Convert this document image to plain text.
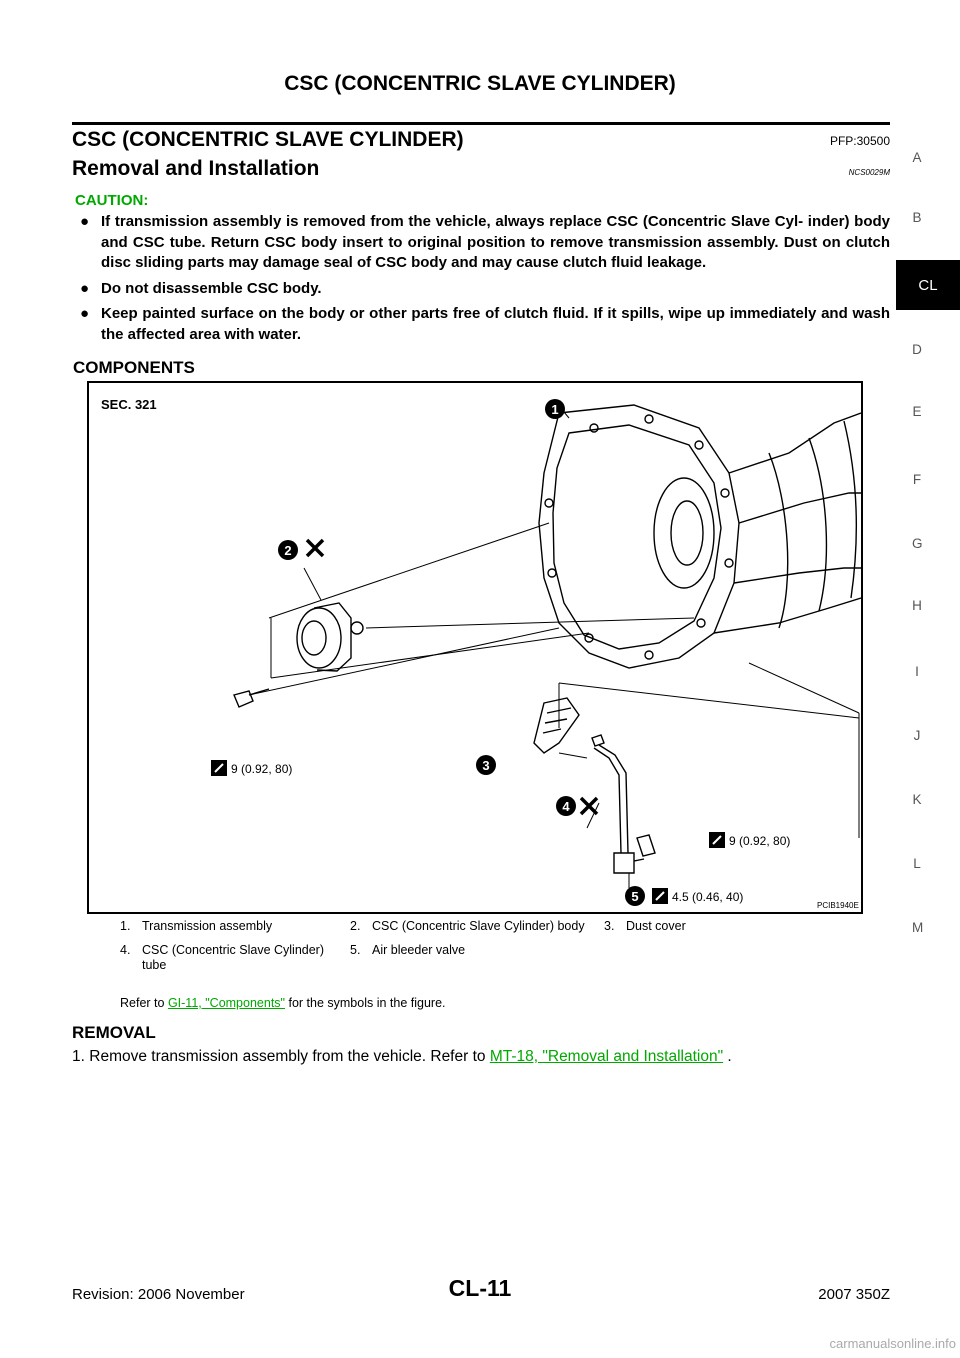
CSC (CONCENTRIC SLAVE CYLINDER)
CSC (CONCENTRIC SLAVE CYLINDER)	PFP:30500
Removal and Installation	NCS0029M
CAUTION:
● If transmission assembly is removed from the vehicle, always replace CSC (Concentric Slave Cyl- inder) body and CSC tube. Return CSC body insert to original position to remove transmission assembly. Dust on clutch disc sliding parts may damage seal of CSC body and may cause clutch fluid leakage.
● Do not disassemble CSC body.
● Keep painted surface on the body or other parts free of clutch fluid. If it spills, wipe up immediately and wash the affected area with water.
COMPONENTS
SEC. 321	1
2
3
4
5
9 (0.92, 80)
9 (0.92, 80)
4.5 (0.46, 40)
PCIB1940E
1.	Transmission assembly	2.	CSC (Concentric Slave Cylinder) body	3.	Dust cover
4.	CSC (Concentric Slave Cylinder) tube	5.	Air bleeder valve		
Refer to GI-11, "Components" for the symbols in the figure.
REMOVAL
1. Remove transmission assembly from the vehicle. Refer to MT-18, "Removal and Installation" .
A
B
CL
D
E
F
G
H
I
J
K
L
M
Revision: 2006 November	CL-11	2007 350Z
carmanualsonline.info
